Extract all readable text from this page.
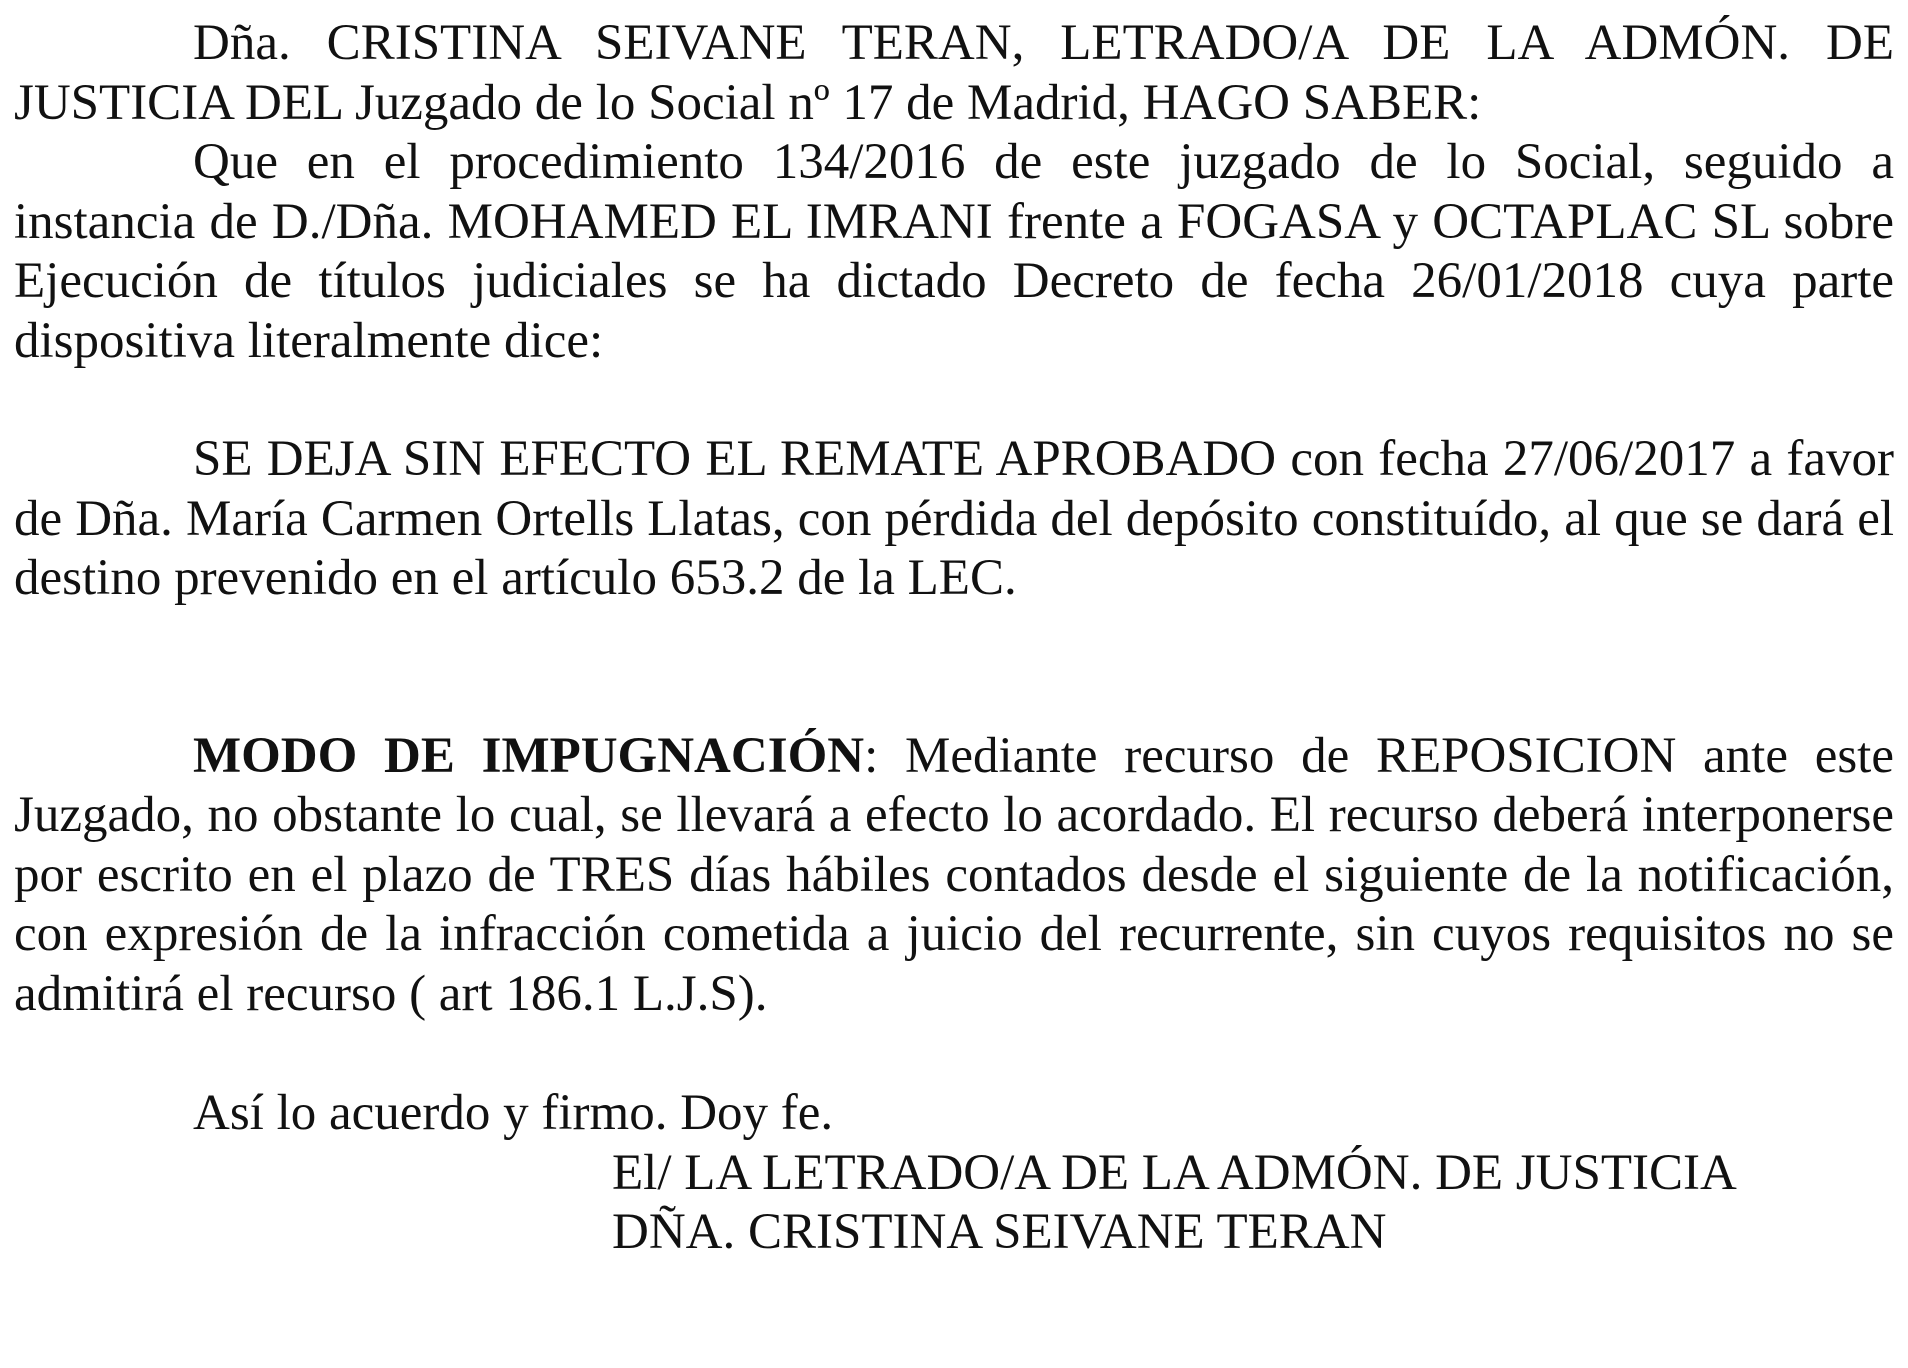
Dña. CRISTINA SEIVANE TERAN, LETRADO/A DE LA ADMÓN. DE JUSTICIA DEL Juzgado de lo Social nº 17 de Madrid, HAGO SABER:

Que en el procedimiento 134/2016 de este juzgado de lo Social, seguido a instancia de D./Dña. MOHAMED EL IMRANI frente a FOGASA y OCTAPLAC SL sobre Ejecución de títulos judiciales se ha dictado Decreto de fecha 26/01/2018 cuya parte dispositiva literalmente dice:

SE DEJA SIN EFECTO EL REMATE APROBADO con fecha 27/06/2017 a favor de Dña. María Carmen Ortells Llatas, con pérdida del depósito constituído, al que se dará el destino prevenido en el artículo 653.2 de la LEC.

MODO DE IMPUGNACIÓN: Mediante recurso de REPOSICION ante este Juzgado, no obstante lo cual, se llevará a efecto lo acordado. El recurso deberá interponerse por escrito en el plazo de TRES días hábiles contados desde el siguiente de la notificación, con expresión de la infracción cometida a juicio del recurrente, sin cuyos requisitos no se admitirá el recurso ( art 186.1 L.J.S).

Así lo acuerdo y firmo. Doy fe.

El/ LA LETRADO/A DE LA ADMÓN. DE JUSTICIA

DÑA. CRISTINA SEIVANE TERAN
